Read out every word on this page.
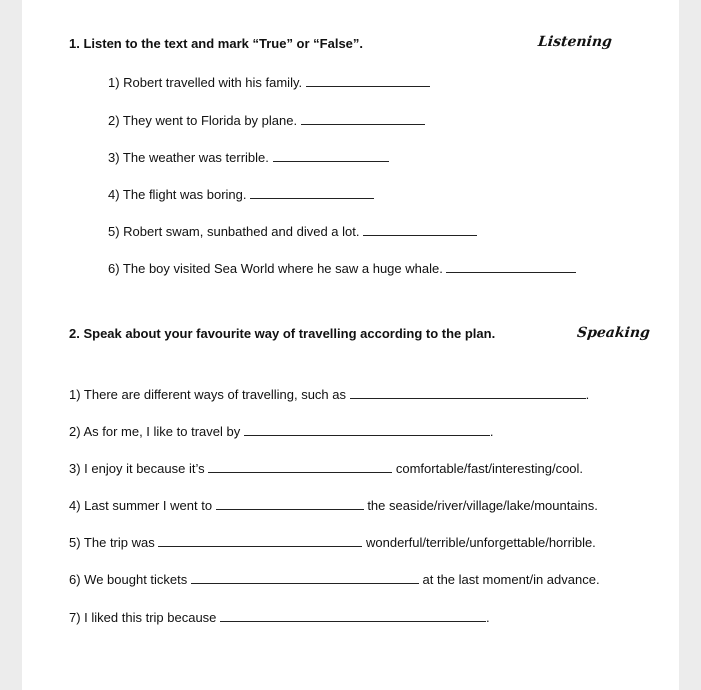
1. Listen to the text and mark “True” or “False”.	Listening
1) Robert travelled with his family.
2) They went to Florida by plane.
3) The weather was terrible.
4) The flight was boring.
5) Robert swam, sunbathed and dived a lot.
6) The boy visited Sea World where he saw a huge whale.
2. Speak about your favourite way of travelling according to the plan.	Speaking
1) There are different ways of travelling, such as	.
2) As for me, I like to travel by	.
3) I enjoy it because it’s	comfortable/fast/interesting/cool.
4) Last summer I went to	the seaside/river/village/lake/mountains.
5) The trip was	wonderful/terrible/unforgettable/horrible.
6) We bought tickets	at the last moment/in advance.
7) I liked this trip because	.
